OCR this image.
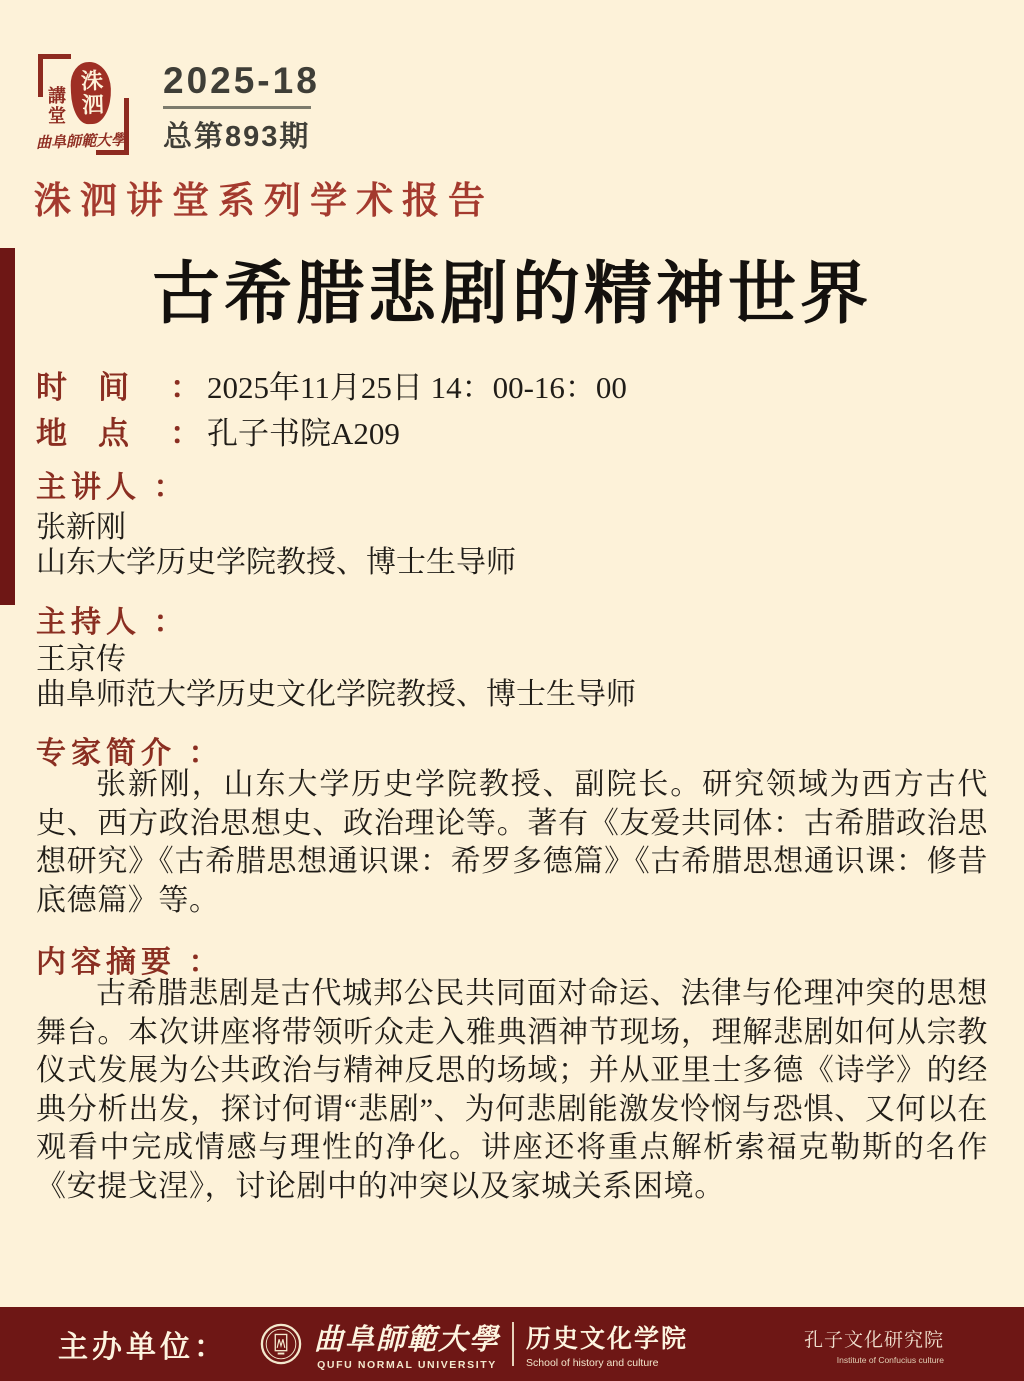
講堂 洙泗
曲阜師範大學
2025-18
总第893期
洙泗讲堂系列学术报告
古希腊悲剧的精神世界
时　间 ： 2025年11月25日 14：00-16：00
地　点 ： 孔子书院A209
主讲人 ：
张新刚
山东大学历史学院教授、博士生导师
主持人 ：
王京传
曲阜师范大学历史文化学院教授、博士生导师
专家简介 ：
张新刚，山东大学历史学院教授、副院长。研究领域为西方古代史、西方政治思想史、政治理论等。著有《友爱共同体：古希腊政治思想研究》《古希腊思想通识课：希罗多德篇》《古希腊思想通识课：修昔底德篇》等。
内容摘要 ：
古希腊悲剧是古代城邦公民共同面对命运、法律与伦理冲突的思想舞台。本次讲座将带领听众走入雅典酒神节现场，理解悲剧如何从宗教仪式发展为公共政治与精神反思的场域；并从亚里士多德《诗学》的经典分析出发，探讨何谓“悲剧”、为何悲剧能激发怜悯与恐惧、又何以在观看中完成情感与理性的净化。讲座还将重点解析索福克勒斯的名作《安提戈涅》，讨论剧中的冲突以及家城关系困境。
主办单位：	曲阜師範大學
QUFU NORMAL UNIVERSITY
历史文化学院
School of history and culture
孔子文化研究院
Institute of Confucius culture
